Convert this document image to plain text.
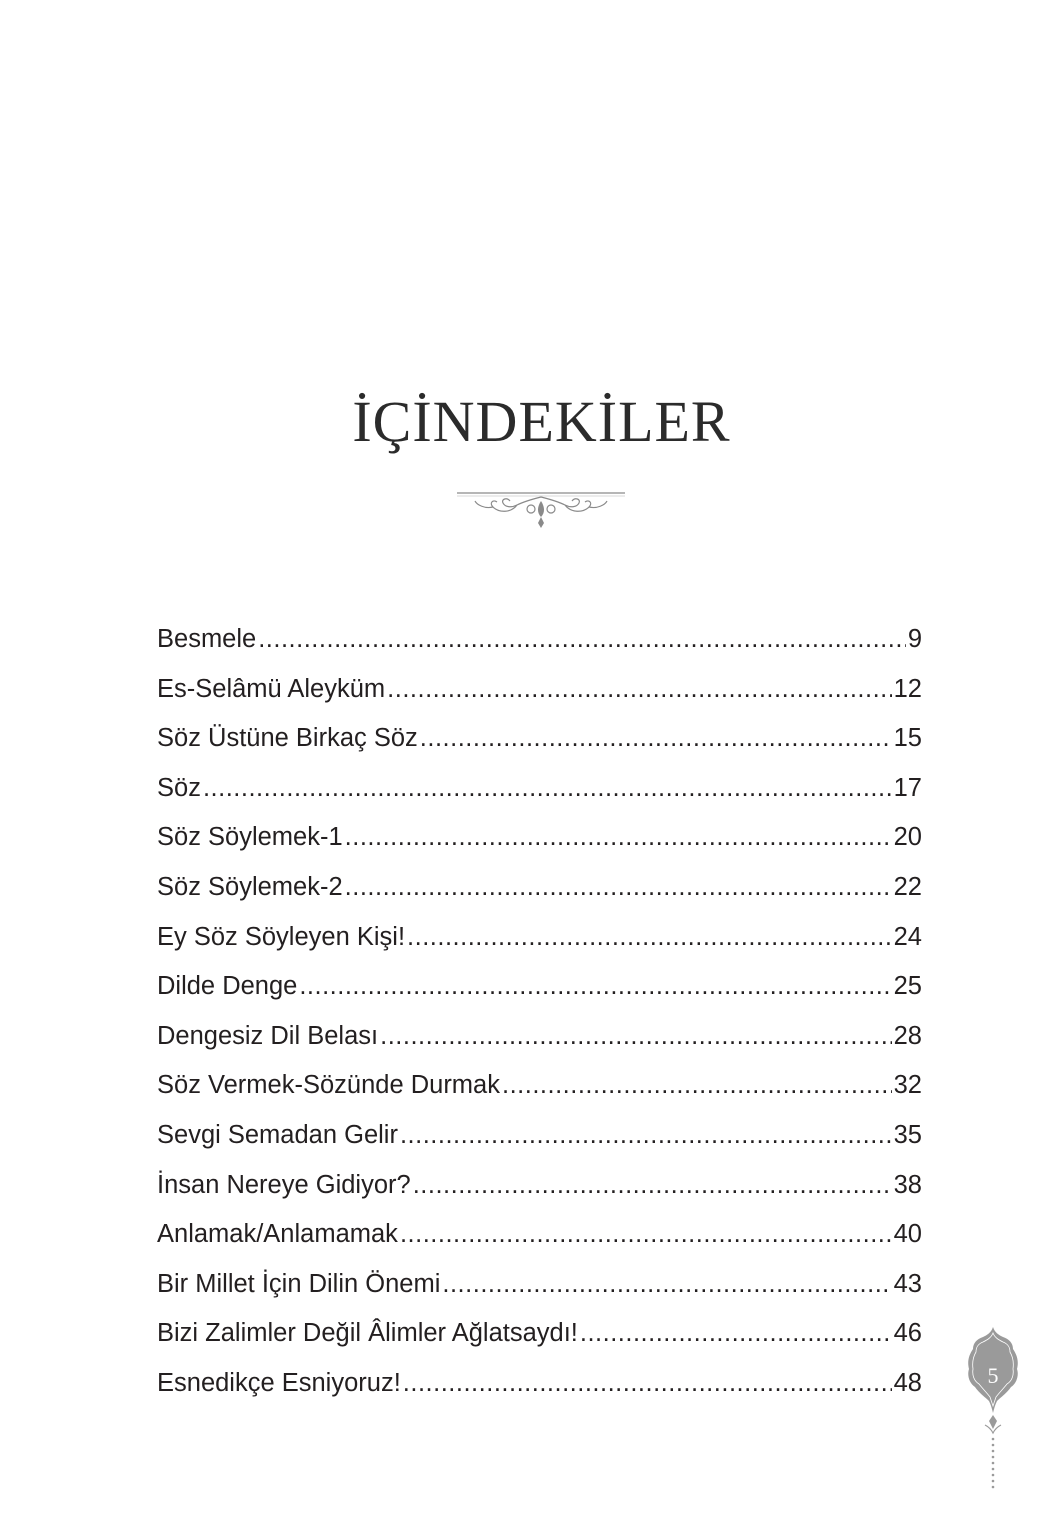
İÇİNDEKİLER
Besmele .....	9
Es-Selâmü Aleyküm .....	12
Söz Üstüne Birkaç Söz .....	15
Söz .....	17
Söz Söylemek-1 .....	20
Söz Söylemek-2 .....	22
Ey Söz Söyleyen Kişi! .....	24
Dilde Denge .....	25
Dengesiz Dil Belası .....	28
Söz Vermek-Sözünde Durmak .....	32
Sevgi Semadan Gelir .....	35
İnsan Nereye Gidiyor? .....	38
Anlamak/Anlamamak .....	40
Bir Millet İçin Dilin Önemi .....	43
Bizi Zalimler Değil Âlimler Ağlatsaydı! .....	46
Esnedikçe Esniyoruz! .....	48	5
